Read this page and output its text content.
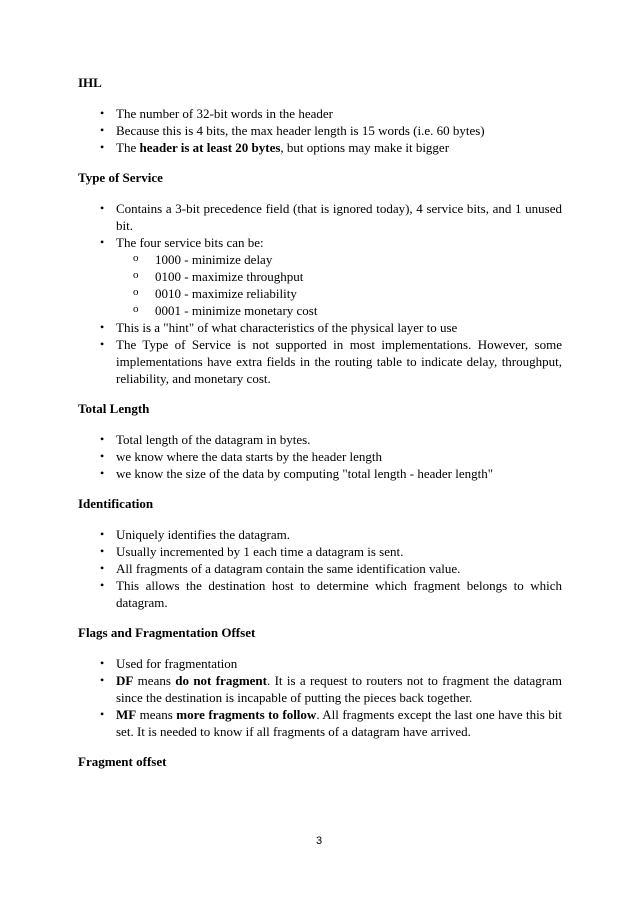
IHL
• The number of 32-bit words in the header
• Because this is 4 bits, the max header length is 15 words (i.e. 60 bytes)
• The header is at least 20 bytes, but options may make it bigger
Type of Service
• Contains a 3-bit precedence field (that is ignored today), 4 service bits, and 1 unused bit.
• The four service bits can be:
o 1000 - minimize delay
o 0100 - maximize throughput
o 0010 - maximize reliability
o 0001 - minimize monetary cost
• This is a "hint" of what characteristics of the physical layer to use
• The Type of Service is not supported in most implementations. However, some implementations have extra fields in the routing table to indicate delay, throughput, reliability, and monetary cost.
Total Length
• Total length of the datagram in bytes.
• we know where the data starts by the header length
• we know the size of the data by computing "total length - header length"
Identification
• Uniquely identifies the datagram.
• Usually incremented by 1 each time a datagram is sent.
• All fragments of a datagram contain the same identification value.
• This allows the destination host to determine which fragment belongs to which datagram.
Flags and Fragmentation Offset
• Used for fragmentation
• DF means do not fragment. It is a request to routers not to fragment the datagram since the destination is incapable of putting the pieces back together.
• MF means more fragments to follow. All fragments except the last one have this bit set. It is needed to know if all fragments of a datagram have arrived.
Fragment offset
3
